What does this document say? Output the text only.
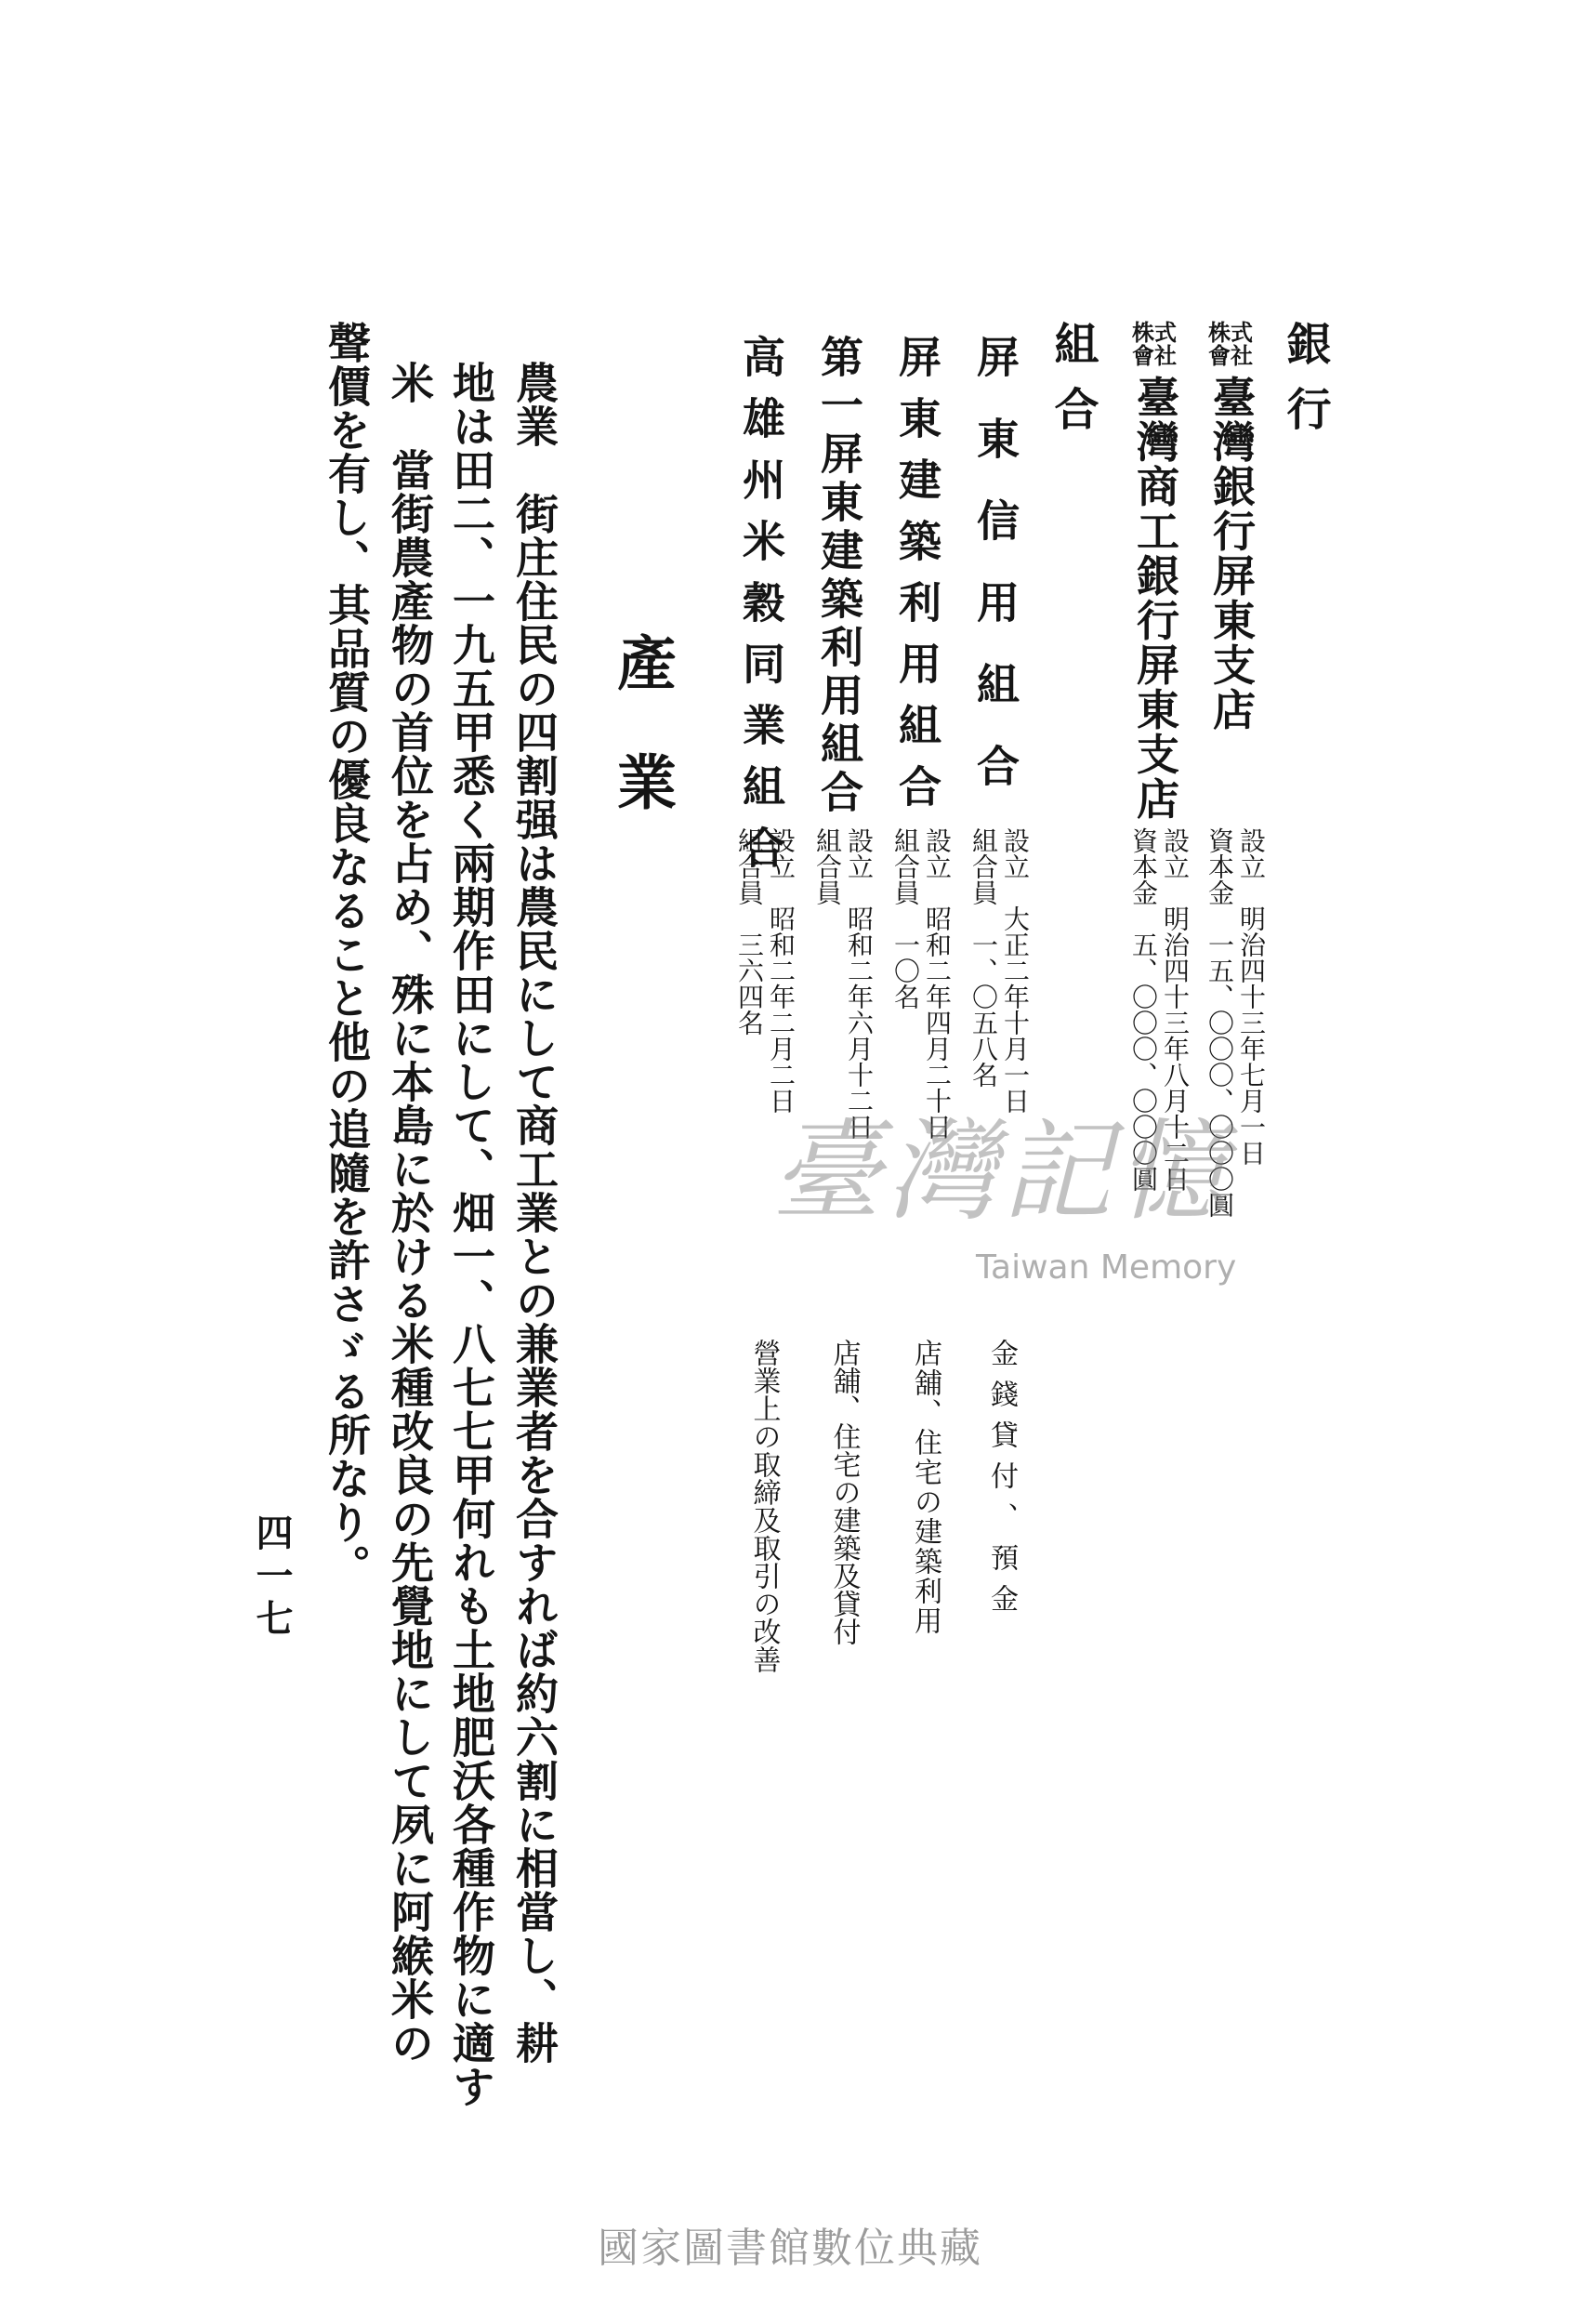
銀行
株式
會社
臺灣銀行屏東支店
設立　明治四十三年七月一日
資本金　一五、〇〇〇、〇〇〇圓
株式
會社
臺灣商工銀行屏東支店
設立　明治四十三年八月十二日
資本金　五、〇〇〇、〇〇〇圓
組合
屏東信用組合
設立　大正二年十月一日
組合員　一、〇五八名
金錢貸付、預金
屏東建築利用組合
設立　昭和二年四月二十日
組合員　一〇名
店舖、住宅の建築利用
第一屏東建築利用組合
設立　昭和二年六月十二日
組合員
店舖、住宅の建築及貸付
高雄州米穀同業組合
設立　昭和二年二月二日
組合員　三六四名
營業上の取締及取引の改善
產　業
農業　街庄住民の四割强は農民にして商工業との兼業者を合すれば約六割に相當し、耕
地は田二、一九五甲悉く兩期作田にして、畑一、八七七甲何れも土地肥沃各種作物に適す
米　當街農產物の首位を占め、殊に本島に於ける米種改良の先覺地にして夙に阿緱米の
聲價を有し、其品質の優良なること他の追隨を許さゞる所なり。
四一七
臺灣記憶
Taiwan Memory
國家圖書館數位典藏
